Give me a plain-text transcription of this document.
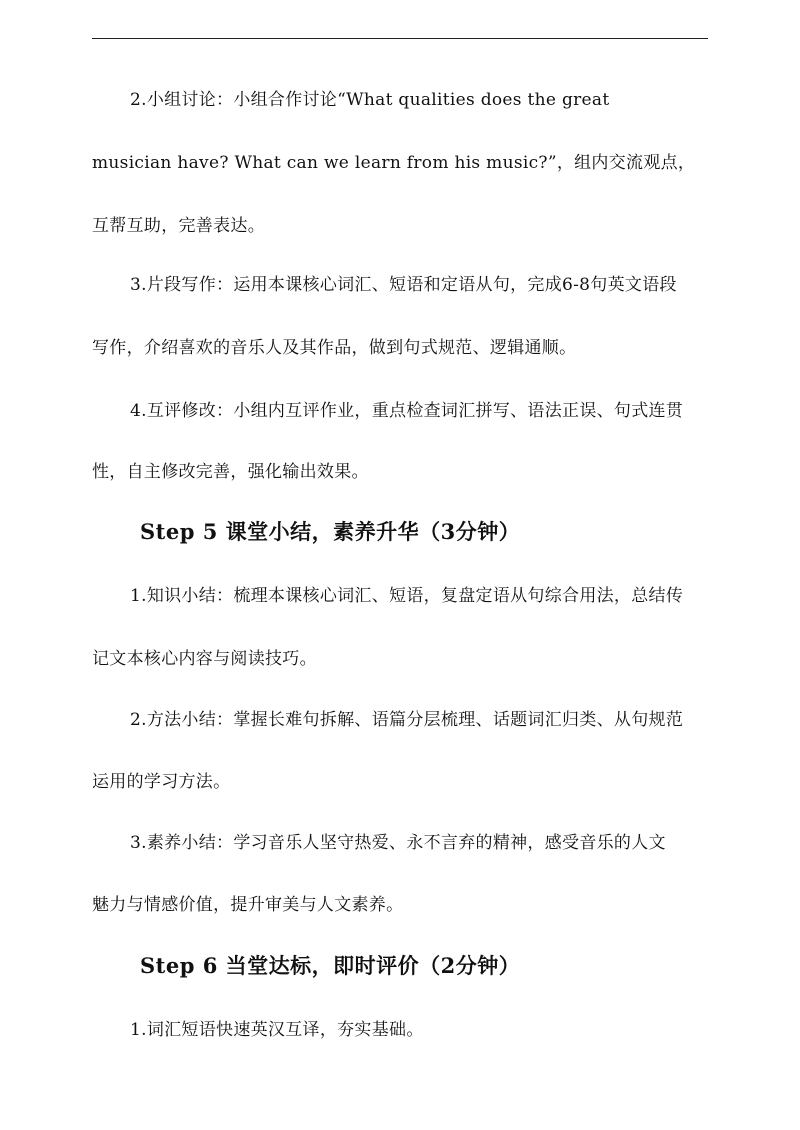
2.小组讨论：小组合作讨论“What qualities does the great
musician have? What can we learn from his music?”，组内交流观点，
互帮互助，完善表达。
3.片段写作：运用本课核心词汇、短语和定语从句，完成6-8句英文语段
写作，介绍喜欢的音乐人及其作品，做到句式规范、逻辑通顺。
4.互评修改：小组内互评作业，重点检查词汇拼写、语法正误、句式连贯
性，自主修改完善，强化输出效果。
Step 5 课堂小结，素养升华（3分钟）
1.知识小结：梳理本课核心词汇、短语，复盘定语从句综合用法，总结传
记文本核心内容与阅读技巧。
2.方法小结：掌握长难句拆解、语篇分层梳理、话题词汇归类、从句规范
运用的学习方法。
3.素养小结：学习音乐人坚守热爱、永不言弃的精神，感受音乐的人文
魅力与情感价值，提升审美与人文素养。
Step 6 当堂达标，即时评价（2分钟）
1.词汇短语快速英汉互译，夯实基础。
